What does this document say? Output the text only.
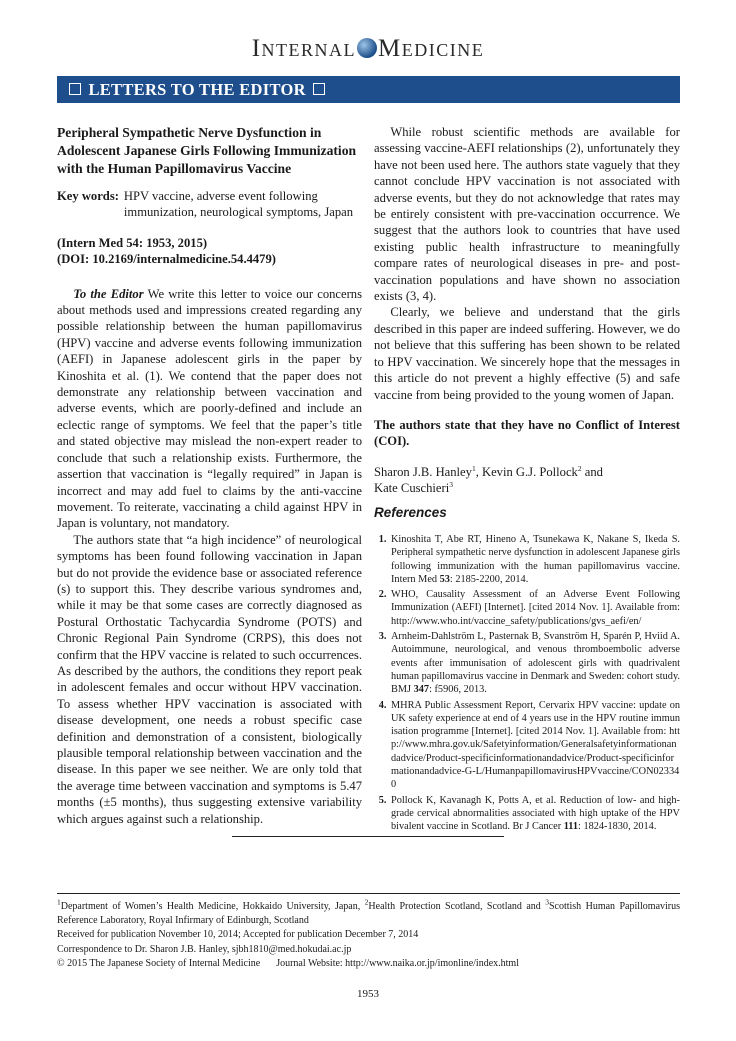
Internal Medicine
LETTERS TO THE EDITOR
Peripheral Sympathetic Nerve Dysfunction in Adolescent Japanese Girls Following Immunization with the Human Papillomavirus Vaccine
Key words: HPV vaccine, adverse event following immunization, neurological symptoms, Japan

(Intern Med 54: 1953, 2015)

(DOI: 10.2169/internalmedicine.54.4479)

To the Editor We write this letter to voice our concerns about methods used and impressions created regarding any possible relationship between the human papillomavirus (HPV) vaccine and adverse events following immunization (AEFI) in Japanese adolescent girls in the paper by Kinoshita et al. (1). We contend that the paper does not demonstrate any relationship between vaccination and adverse events, which are poorly-defined and include an eclectic range of symptoms. We feel that the paper’s title and stated objective may mislead the non-expert reader to conclude that such a relationship exists. Furthermore, the assertion that vaccination is “legally required” in Japan is incorrect and may add fuel to claims by the anti-vaccine movement. To reiterate, vaccinating a child against HPV in Japan is voluntary, not mandatory.

The authors state that “a high incidence” of neurological symptoms has been found following vaccination in Japan but do not provide the evidence base or associated reference (s) to support this. They describe various syndromes and, while it may be that some cases are correctly diagnosed as Postural Orthostatic Tachycardia Syndrome (POTS) and Chronic Regional Pain Syndrome (CRPS), this does not confirm that the HPV vaccine is related to such occurrences. As described by the authors, the conditions they report peak in adolescent females and occur without HPV vaccination. To assess whether HPV vaccination is associated with disease development, one needs a robust specific case definition and demonstration of a consistent, biologically plausible temporal relationship between vaccination and the disease. In this paper we see neither. We are only told that the average time between vaccination and symptoms is 5.47 months (±5 months), thus suggesting extensive variability which argues against such a relationship.

While robust scientific methods are available for assessing vaccine-AEFI relationships (2), unfortunately they have not been used here. The authors state vaguely that they cannot conclude HPV vaccination is not associated with adverse events, but they do not acknowledge that rates may be entirely consistent with pre-vaccination occurrence. We suggest that the authors look to countries that have used existing public health infrastructure to meaningfully compare rates of neurological diseases in pre- and post-vaccination populations and have shown no association exists (3, 4).

Clearly, we believe and understand that the girls described in this paper are indeed suffering. However, we do not believe that this suffering has been shown to be related to HPV vaccination. We sincerely hope that the messages in this article do not prevent a highly effective (5) and safe vaccine from being provided to the young women of Japan.

The authors state that they have no Conflict of Interest (COI).

Sharon J.B. Hanley$^1$, Kevin G.J. Pollock$^2$ and
Kate Cuschieri$^3$

References
1. Kinoshita T, Abe RT, Hineno A, Tsunekawa K, Nakane S, Ikeda S. Peripheral sympathetic nerve dysfunction in adolescent Japanese girls following immunization with the human papillomavirus vaccine. Intern Med 53: 2185-2200, 2014.
2. WHO, Causality Assessment of an Adverse Event Following Immunization (AEFI) [Internet]. [cited 2014 Nov. 1]. Available from: http://www.who.int/vaccine_safety/publications/gvs_aefi/en/
3. Arnheim-Dahlström L, Pasternak B, Svanström H, Sparén P, Hviid A. Autoimmune, neurological, and venous thromboembolic adverse events after immunisation of adolescent girls with quadrivalent human papillomavirus vaccine in Denmark and Sweden: cohort study. BMJ 347: f5906, 2013.
4. MHRA Public Assessment Report, Cervarix HPV vaccine: update on UK safety experience at end of 4 years use in the HPV routine immunisation programme [Internet]. [cited 2014 Nov. 1]. Available from: http://www.mhra.gov.uk/Safetyinformation/Generalsafetyinformationandadvice/Product-specificinformationandadvice/Product-specificinformationandadvice-G-L/HumanpapillomavirusHPVvaccine/CON023340
5. Pollock K, Kavanagh K, Potts A, et al. Reduction of low- and high-grade cervical abnormalities associated with high uptake of the HPV bivalent vaccine in Scotland. Br J Cancer 111: 1824-1830, 2014.

$^1$Department of Women’s Health Medicine, Hokkaido University, Japan, $^2$Health Protection Scotland, Scotland and $^3$Scottish Human Papillomavirus Reference Laboratory, Royal Infirmary of Edinburgh, Scotland

Received for publication November 10, 2014; Accepted for publication December 7, 2014

Correspondence to Dr. Sharon J.B. Hanley, sjbh1810@med.hokudai.ac.jp

© 2015 The Japanese Society of Internal Medicine Journal Website: http://www.naika.or.jp/imonline/index.html

1953
